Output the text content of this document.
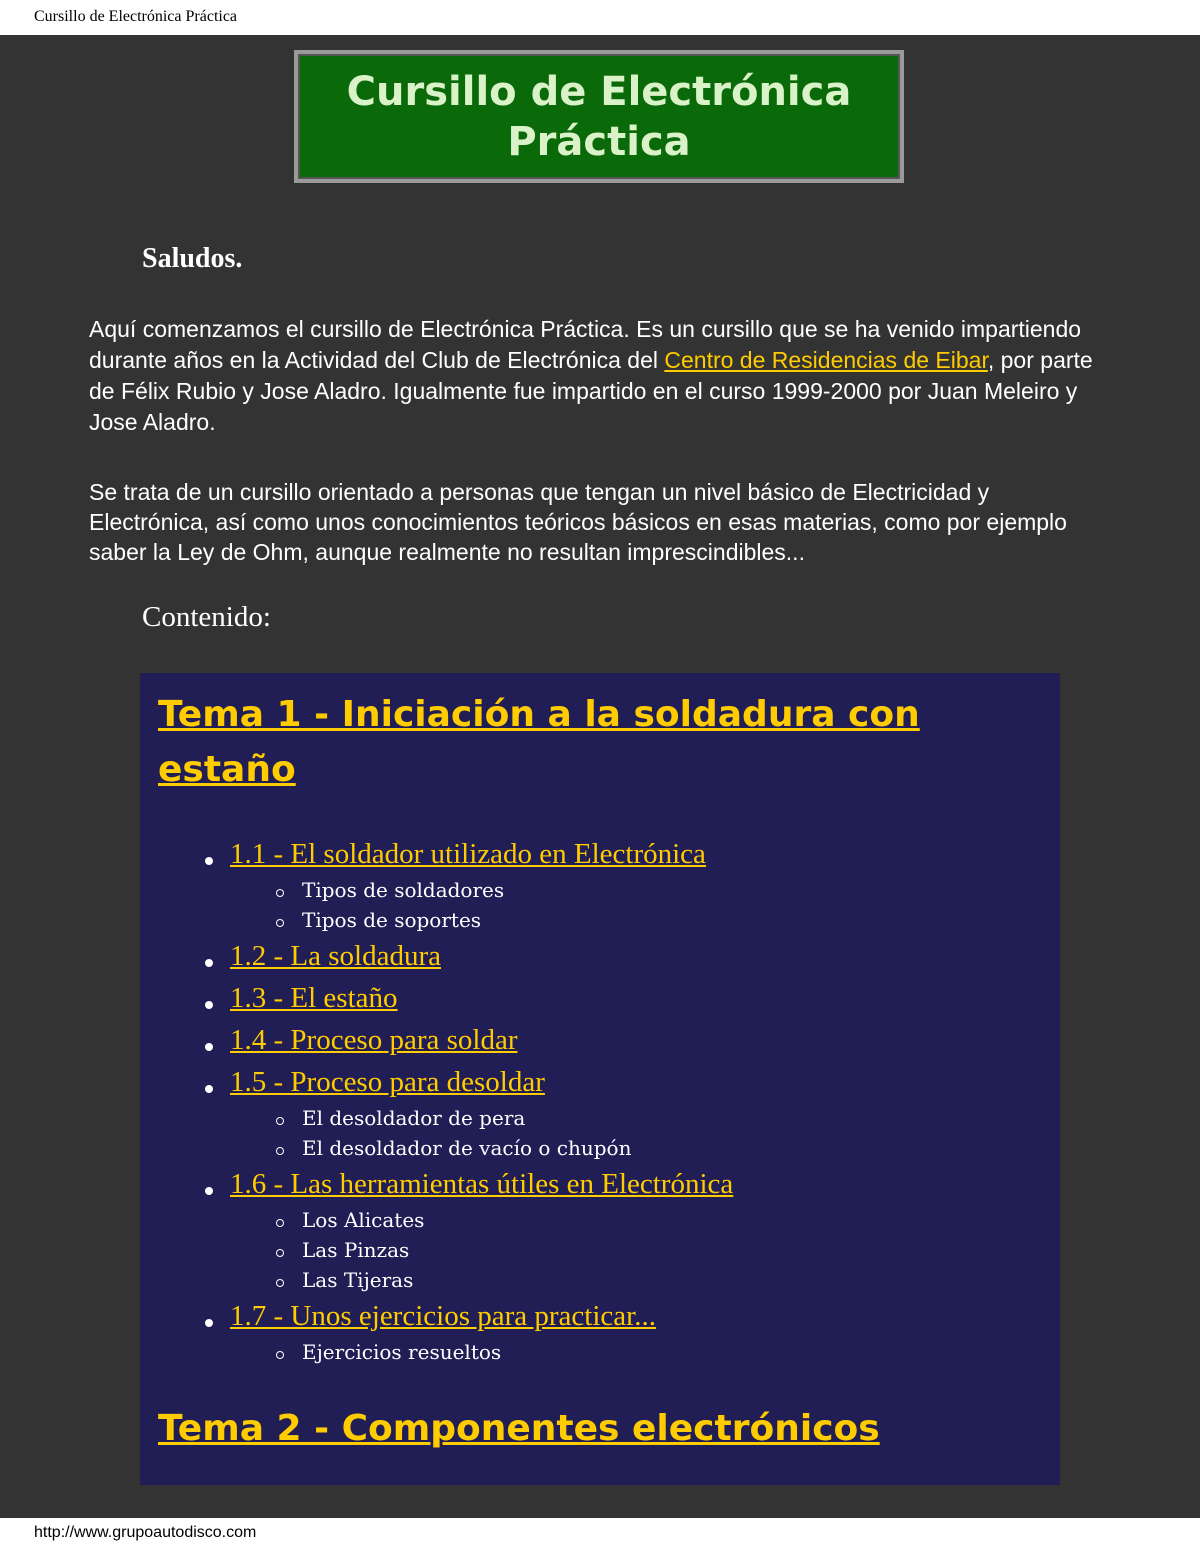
Cursillo de Electrónica Práctica
Cursillo de Electrónica Práctica
Saludos.

Aquí comenzamos el cursillo de Electrónica Práctica. Es un cursillo que se ha venido impartiendo durante años en la Actividad del Club de Electrónica del Centro de Residencias de Eibar, por parte de Félix Rubio y Jose Aladro. Igualmente fue impartido en el curso 1999-2000 por Juan Meleiro y Jose Aladro.

Se trata de un cursillo orientado a personas que tengan un nivel básico de Electricidad y Electrónica, así como unos conocimientos teóricos básicos en esas materias, como por ejemplo saber la Ley de Ohm, aunque realmente no resultan imprescindibles...

Contenido:
Tema 1 - Iniciación a la soldadura con estaño
1.1 - El soldador utilizado en Electrónica
Tipos de soldadores
Tipos de soportes
1.2 - La soldadura
1.3 - El estaño
1.4 - Proceso para soldar
1.5 - Proceso para desoldar
El desoldador de pera
El desoldador de vacío o chupón
1.6 - Las herramientas útiles en Electrónica
Los Alicates
Las Pinzas
Las Tijeras
1.7 - Unos ejercicios para practicar...
Ejercicios resueltos
Tema 2 - Componentes electrónicos
http://www.grupoautodisco.com
